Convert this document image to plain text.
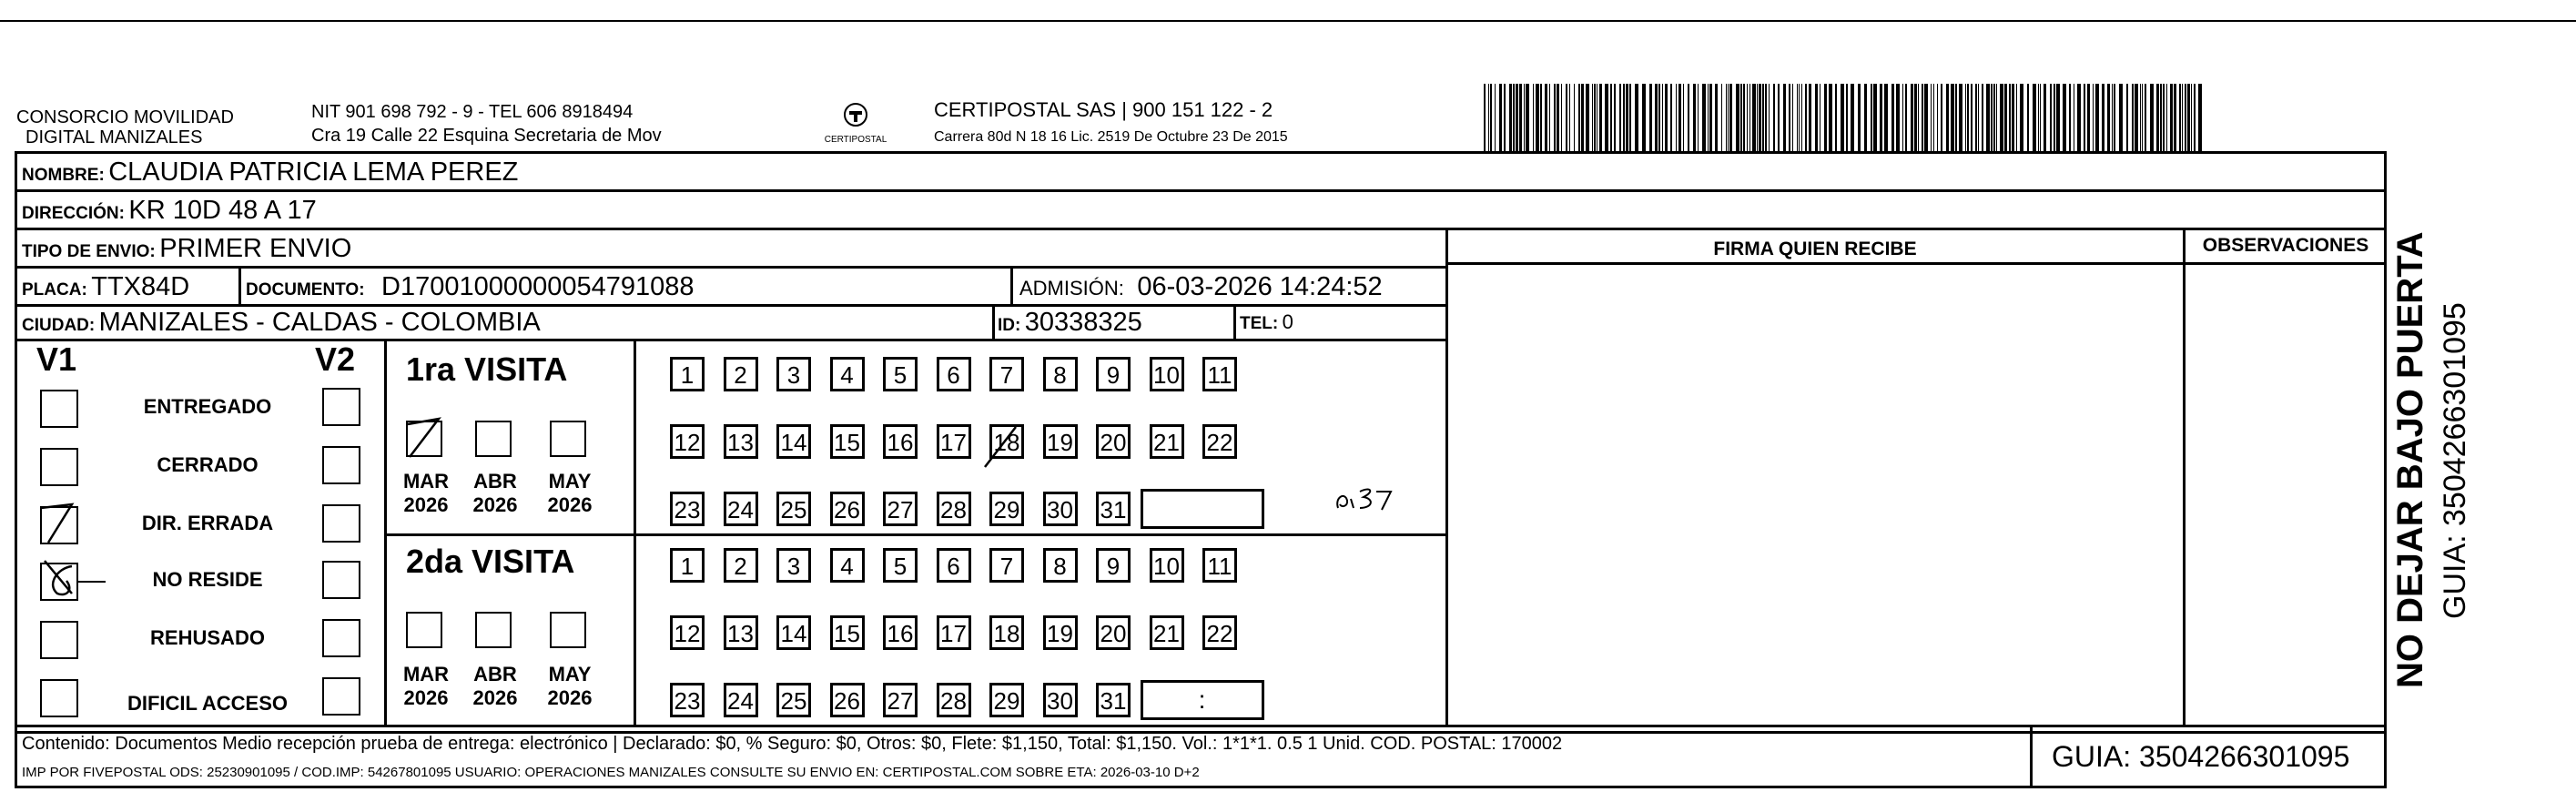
CONSORCIO MOVILIDAD
DIGITAL MANIZALES
NIT 901 698 792 - 9 - TEL 606 8918494
Cra 19 Calle 22 Esquina Secretaria de Mov	CERTIPOSTAL
CERTIPOSTAL SAS | 900 151 122 - 2
Carrera 80d N 18 16 Lic. 2519 De Octubre 23 De 2015
NOMBRE: CLAUDIA PATRICIA LEMA PEREZ
DIRECCIÓN: KR 10D 48 A 17
TIPO DE ENVIO: PRIMER ENVIO
PLACA: TTX84D	DOCUMENTO: D17001000000054791088	ADMISIÓN: 06-03-2026 14:24:52
CIUDAD: MANIZALES - CALDAS - COLOMBIA	ID: 30338325	TEL: 0
FIRMA QUIEN RECIBE	OBSERVACIONES
V1	V2
ENTREGADO
CERRADO
DIR. ERRADA
NO RESIDE
REHUSADO
DIFICIL ACCESO
1ra VISITA
2da VISITA
MAR
2026
ABR
2026
MAY
2026
MAR
2026
ABR
2026
MAY
2026
1	2	3	4	5	6	7	8	9	10 11
12 13 14 15 16 17 18 19 20 21 22
23 24 25 26 27 28 29 30 31
1	2	3	4	5	6	7	8	9	10 11
12 13 14 15 16 17 18 19 20 21 22
23 24 25 26 27 28 29 30 31	:
Contenido: Documentos Medio recepción prueba de entrega: electrónico | Declarado: $0, % Seguro: $0, Otros: $0, Flete: $1,150, Total: $1,150. Vol.: 1*1*1. 0.5 1 Unid. COD. POSTAL: 170002
IMP POR FIVEPOSTAL ODS: 25230901095 / COD.IMP: 54267801095 USUARIO: OPERACIONES MANIZALES CONSULTE SU ENVIO EN: CERTIPOSTAL.COM SOBRE ETA: 2026-03-10 D+2	GUIA: 3504266301095
NO DEJAR BAJO PUERTA GUIA: 3504266301095
